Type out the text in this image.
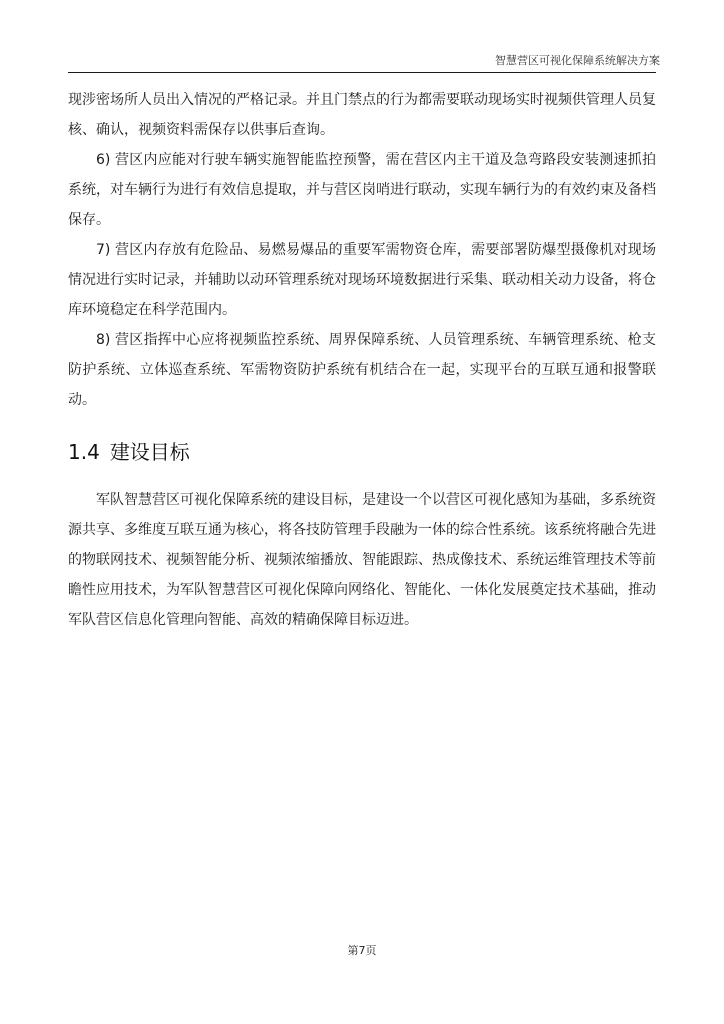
智慧营区可视化保障系统解决方案

现涉密场所人员出入情况的严格记录。并且门禁点的行为都需要联动现场实时视频供管理人员复核、确认，视频资料需保存以供事后查询。

6) 营区内应能对行驶车辆实施智能监控预警，需在营区内主干道及急弯路段安装测速抓拍系统，对车辆行为进行有效信息提取，并与营区岗哨进行联动，实现车辆行为的有效约束及备档保存。

7) 营区内存放有危险品、易燃易爆品的重要军需物资仓库，需要部署防爆型摄像机对现场情况进行实时记录，并辅助以动环管理系统对现场环境数据进行采集、联动相关动力设备，将仓库环境稳定在科学范围内。

8) 营区指挥中心应将视频监控系统、周界保障系统、人员管理系统、车辆管理系统、枪支防护系统、立体巡查系统、军需物资防护系统有机结合在一起，实现平台的互联互通和报警联动。

1.4 建设目标

军队智慧营区可视化保障系统的建设目标，是建设一个以营区可视化感知为基础，多系统资源共享、多维度互联互通为核心，将各技防管理手段融为一体的综合性系统。该系统将融合先进的物联网技术、视频智能分析、视频浓缩播放、智能跟踪、热成像技术、系统运维管理技术等前瞻性应用技术，为军队智慧营区可视化保障向网络化、智能化、一体化发展奠定技术基础，推动军队营区信息化管理向智能、高效的精确保障目标迈进。

第7页
